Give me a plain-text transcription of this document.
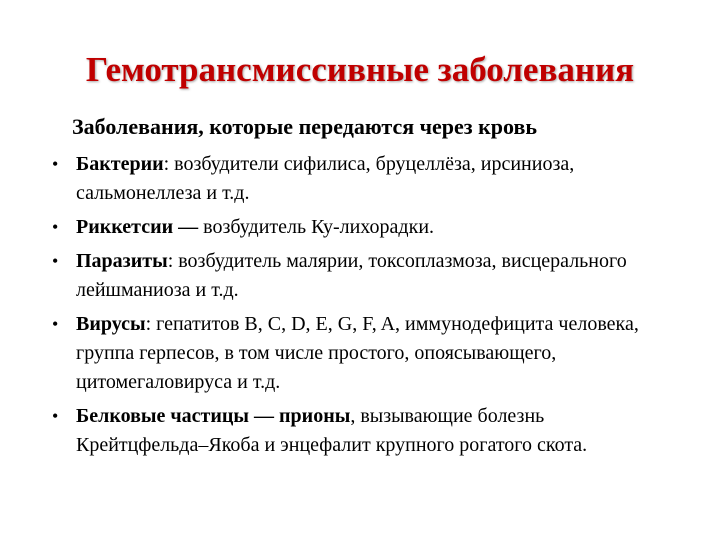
Гемотрансмиссивные заболевания
Заболевания, которые передаются через кровь
• Бактерии: возбудители сифилиса, бруцеллёза, ирсиниоза, сальмонеллеза и т.д.
• Риккетсии — возбудитель Ку-лихорадки.
• Паразиты: возбудитель малярии, токсоплазмоза, висцерального лейшманиоза и т.д.
• Вирусы: гепатитов B, C, D, E, G, F, A, иммунодефицита человека, группа герпесов, в том числе простого, опоясывающего, цитомегаловируса и т.д.
• Белковые частицы — прионы, вызывающие болезнь Крейтцфельда–Якоба и энцефалит крупного рогатого скота.
